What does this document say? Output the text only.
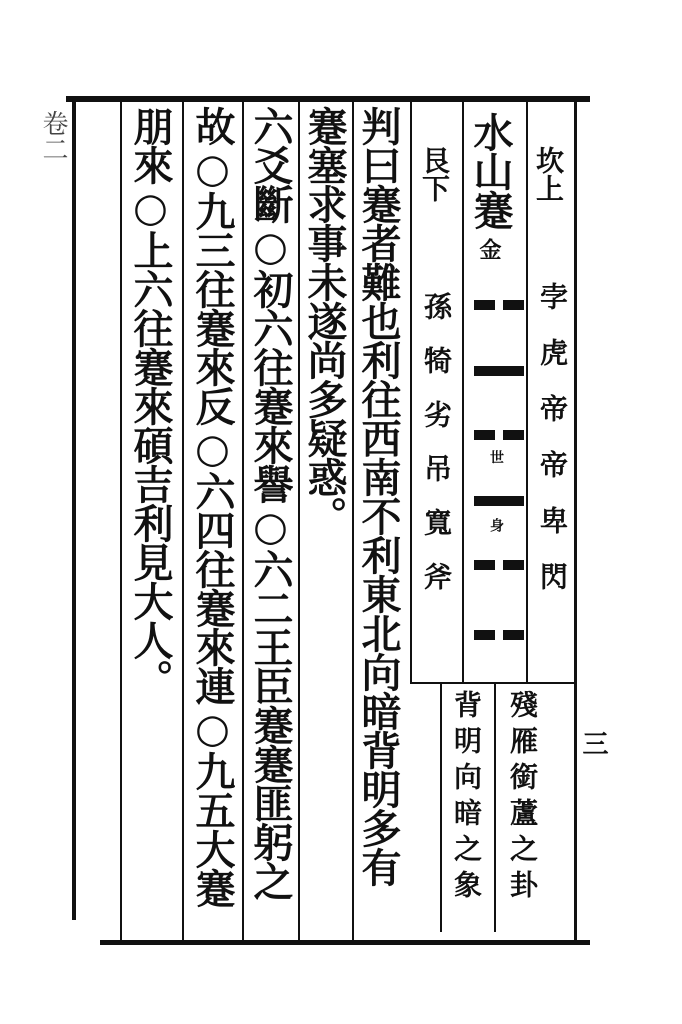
卷二
三
水山蹇
金
坎上
艮下
世
身 孛虎帝帝卑閃
孫犄劣吊寬斧
殘雁銜蘆之卦
背明向暗之象
判曰蹇者難也利往西南不利東北向暗背明多有
蹇塞求事未遂尚多疑惑。
六爻斷○初六往蹇來譽○六二王臣蹇蹇匪躬之
故○九三往蹇來反○六四往蹇來連○九五大蹇
朋來○上六往蹇來碩吉利見大人。
